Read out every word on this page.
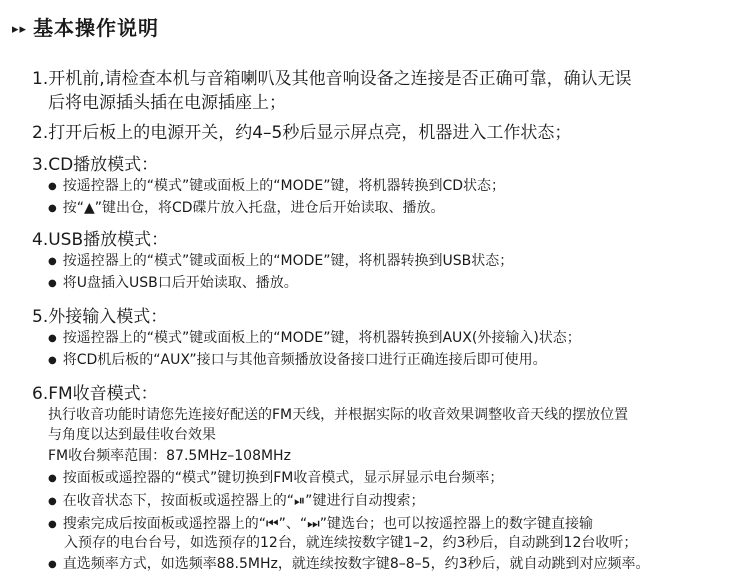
▸▸ 基本操作说明
1.开机前,请检查本机与音箱喇叭及其他音响设备之连接是否正确可靠，确认无误
后将电源插头插在电源插座上；
2.打开后板上的电源开关，约4–5秒后显示屏点亮，机器进入工作状态；
3.CD播放模式：
● 按遥控器上的“模式”键或面板上的“MODE”键，将机器转换到CD状态；
● 按“▲”键出仓，将CD碟片放入托盘，进仓后开始读取、播放。
4.USB播放模式：
● 按遥控器上的“模式”键或面板上的“MODE”键，将机器转换到USB状态；
● 将U盘插入USB口后开始读取、播放。
5.外接输入模式：
● 按遥控器上的“模式”键或面板上的“MODE”键，将机器转换到AUX(外接输入)状态；
● 将CD机后板的“AUX”接口与其他音频播放设备接口进行正确连接后即可使用。
6.FM收音模式：
执行收音功能时请您先连接好配送的FM天线，并根据实际的收音效果调整收音天线的摆放位置
与角度以达到最佳收台效果
FM收台频率范围：87.5MHz–108MHz
● 按面板或遥控器的“模式”键切换到FM收音模式，显示屏显示电台频率；
● 在收音状态下，按面板或遥控器上的“⏯”键进行自动搜索；
● 搜索完成后按面板或遥控器上的“⏮”、“⏭”键选台；也可以按遥控器上的数字键直接输
入预存的电台台号，如选预存的12台，就连续按数字键1–2，约3秒后，自动跳到12台收听；
● 直选频率方式，如选频率88.5MHz，就连续按数字键8–8–5，约3秒后，就自动跳到对应频率。
